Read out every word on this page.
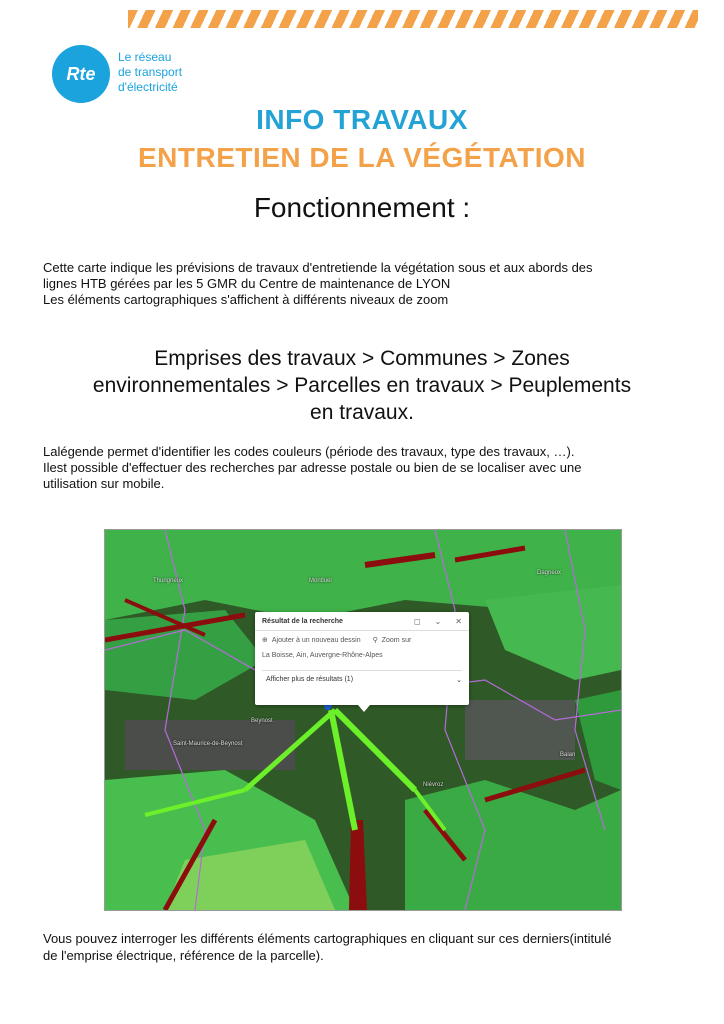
Rte
Le réseau
de transport
d'électricité
INFO TRAVAUX
ENTRETIEN DE LA VÉGÉTATION
Fonctionnement :
Cette carte indique les prévisions de travaux d'entretiende la végétation sous et aux abords des
lignes HTB gérées par les 5 GMR du Centre de maintenance de LYON
Les éléments cartographiques s'affichent à différents niveaux de zoom
Emprises des travaux > Communes > Zones
environnementales > Parcelles en travaux > Peuplements
en travaux.
Lalégende permet d'identifier les codes couleurs (période des travaux, type des travaux, …).
Ilest possible d'effectuer des recherches par adresse postale ou bien de se localiser avec une
utilisation sur mobile.
Thurigneux	Montluel
Beynost
Saint-Maurice-de-Beynost
Niévroz
Balan
Dagneux
Résultat de la recherche	◻ ⌄ ✕
⊕ Ajouter à un nouveau dessin ⚲ Zoom sur
La Boisse, Ain, Auvergne-Rhône-Alpes
Afficher plus de résultats (1)	⌄
Vous pouvez interroger les différents éléments cartographiques en cliquant sur ces derniers(intitulé
de l'emprise électrique, référence de la parcelle).
